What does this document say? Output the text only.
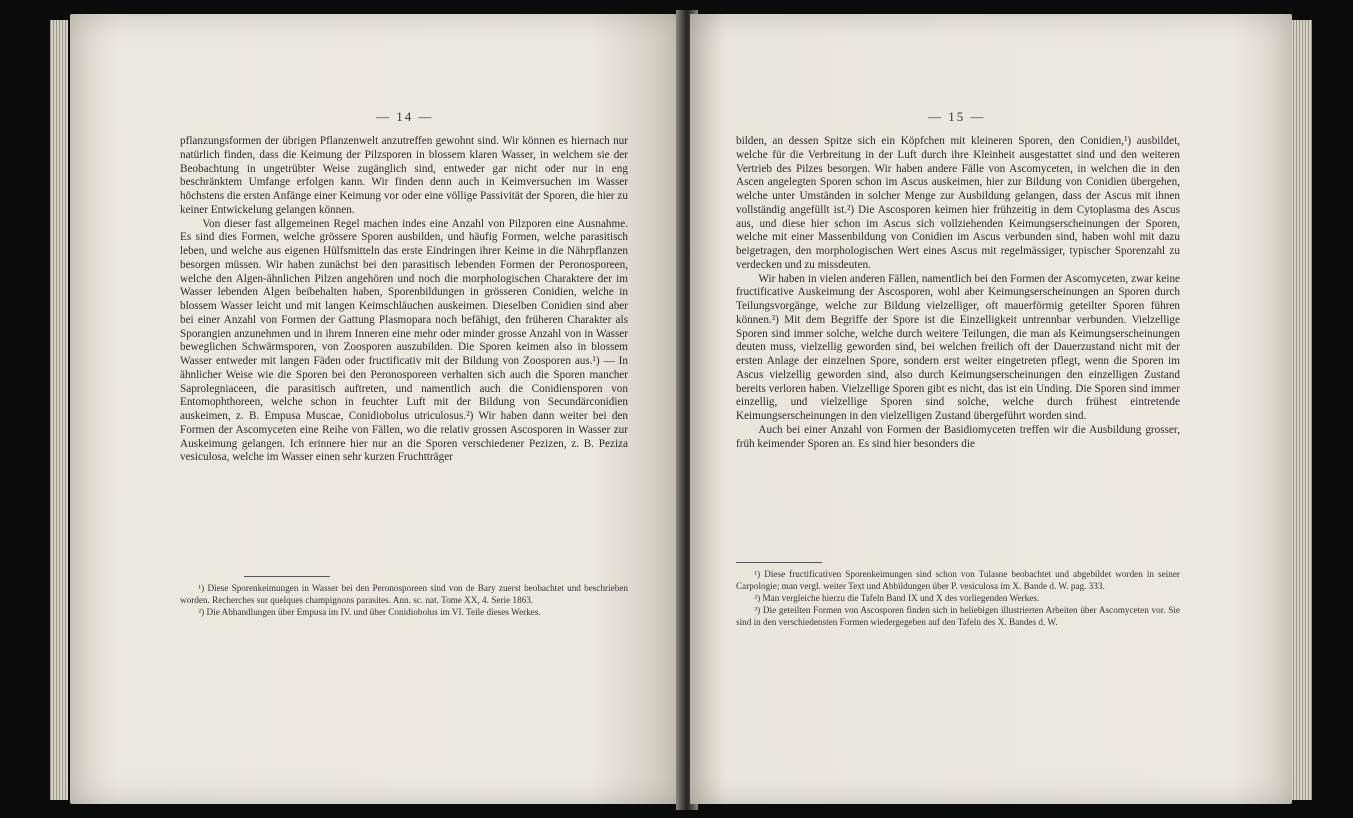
— 14 —

pflanzungsformen der übrigen Pflanzenwelt anzutreffen gewohnt sind. Wir können es hiernach nur natürlich finden, dass die Keimung der Pilzsporen in blossem klaren Wasser, in welchem sie der Beobachtung in ungetrübter Weise zugänglich sind, entweder gar nicht oder nur in eng beschränktem Umfange erfolgen kann. Wir finden denn auch in Keimversuchen im Wasser höchstens die ersten Anfänge einer Keimung vor oder eine völlige Passivität der Sporen, die hier zu keiner Entwickelung gelangen können.

Von dieser fast allgemeinen Regel machen indes eine Anzahl von Pilzporen eine Ausnahme. Es sind dies Formen, welche grössere Sporen ausbilden, und häufig Formen, welche parasitisch leben, und welche aus eigenen Hülfsmitteln das erste Eindringen ihrer Keime in die Nährpflanzen besorgen müssen. Wir haben zunächst bei den parasitisch lebenden Formen der Peronosporeen, welche den Algen-ähnlichen Pilzen angehören und noch die morphologischen Charaktere der im Wasser lebenden Algen beibehalten haben, Sporenbildungen in grösseren Conidien, welche in blossem Wasser leicht und mit langen Keimschläuchen auskeimen. Dieselben Conidien sind aber bei einer Anzahl von Formen der Gattung Plasmopara noch befähigt, den früheren Charakter als Sporangien anzunehmen und in ihrem Inneren eine mehr oder minder grosse Anzahl von in Wasser beweglichen Schwärmsporen, von Zoosporen auszubilden. Die Sporen keimen also in blossem Wasser entweder mit langen Fäden oder fructificativ mit der Bildung von Zoosporen aus.¹) — In ähnlicher Weise wie die Sporen bei den Peronosporeen verhalten sich auch die Sporen mancher Saprolegniaceen, die parasitisch auftreten, und namentlich auch die Conidiensporen von Entomophthoreen, welche schon in feuchter Luft mit der Bildung von Secundärconidien auskeimen, z. B. Empusa Muscae, Conidiobolus utriculosus.²) Wir haben dann weiter bei den Formen der Ascomyceten eine Reihe von Fällen, wo die relativ grossen Ascosporen in Wasser zur Auskeimung gelangen. Ich erinnere hier nur an die Sporen verschiedener Pezizen, z. B. Peziza vesiculosa, welche im Wasser einen sehr kurzen Fruchtträger

¹) Diese Sporenkeimungen in Wasser bei den Peronosporeen sind von de Bary zuerst beobachtet und beschrieben worden. Recherches sur quelques champignons parasites. Ann. sc. nat. Tome XX, 4. Serie 1863.

²) Die Abhandlungen über Empusa im IV. und über Conidiobolus im VI. Teile dieses Werkes.

— 15 —

bilden, an dessen Spitze sich ein Köpfchen mit kleineren Sporen, den Conidien,¹) ausbildet, welche für die Verbreitung in der Luft durch ihre Kleinheit ausgestattet sind und den weiteren Vertrieb des Pilzes besorgen. Wir haben andere Fälle von Ascomyceten, in welchen die in den Ascen angelegten Sporen schon im Ascus auskeimen, hier zur Bildung von Conidien übergehen, welche unter Umständen in solcher Menge zur Ausbildung gelangen, dass der Ascus mit ihnen vollständig angefüllt ist.²) Die Ascosporen keimen hier frühzeitig in dem Cytoplasma des Ascus aus, und diese hier schon im Ascus sich vollziehenden Keimungserscheinungen der Sporen, welche mit einer Massenbildung von Conidien im Ascus verbunden sind, haben wohl mit dazu beigetragen, den morphologischen Wert eines Ascus mit regelmässiger, typischer Sporenzahl zu verdecken und zu missdeuten.

Wir haben in vielen anderen Fällen, namentlich bei den Formen der Ascomyceten, zwar keine fructificative Auskeimung der Ascosporen, wohl aber Keimungserscheinungen an Sporen durch Teilungsvorgänge, welche zur Bildung vielzelliger, oft mauerförmig geteilter Sporen führen können.³) Mit dem Begriffe der Spore ist die Einzelligkeit untrennbar verbunden. Vielzellige Sporen sind immer solche, welche durch weitere Teilungen, die man als Keimungserscheinungen deuten muss, vielzellig geworden sind, bei welchen freilich oft der Dauerzustand nicht mit der ersten Anlage der einzelnen Spore, sondern erst weiter eingetreten pflegt, wenn die Sporen im Ascus vielzellig geworden sind, also durch Keimungserscheinungen den einzelligen Zustand bereits verloren haben. Vielzellige Sporen gibt es nicht, das ist ein Unding. Die Sporen sind immer einzellig, und vielzellige Sporen sind solche, welche durch frühest eintretende Keimungserscheinungen in den vielzelligen Zustand übergeführt worden sind.

Auch bei einer Anzahl von Formen der Basidiomyceten treffen wir die Ausbildung grosser, früh keimender Sporen an. Es sind hier besonders die

¹) Diese fructificativen Sporenkeimungen sind schon von Tulasne beobachtet und abgebildet worden in seiner Carpologie; man vergl. weiter Text und Abbildungen über P. vesiculosa im X. Bande d. W. pag. 333.

²) Man vergleiche hierzu die Tafeln Band IX und X des vorliegenden Werkes.

³) Die geteilten Formen von Ascosporen finden sich in beliebigen illustrierten Arbeiten über Ascomyceten vor. Sie sind in den verschiedensten Formen wiedergegeben auf den Tafeln des X. Bandes d. W.
